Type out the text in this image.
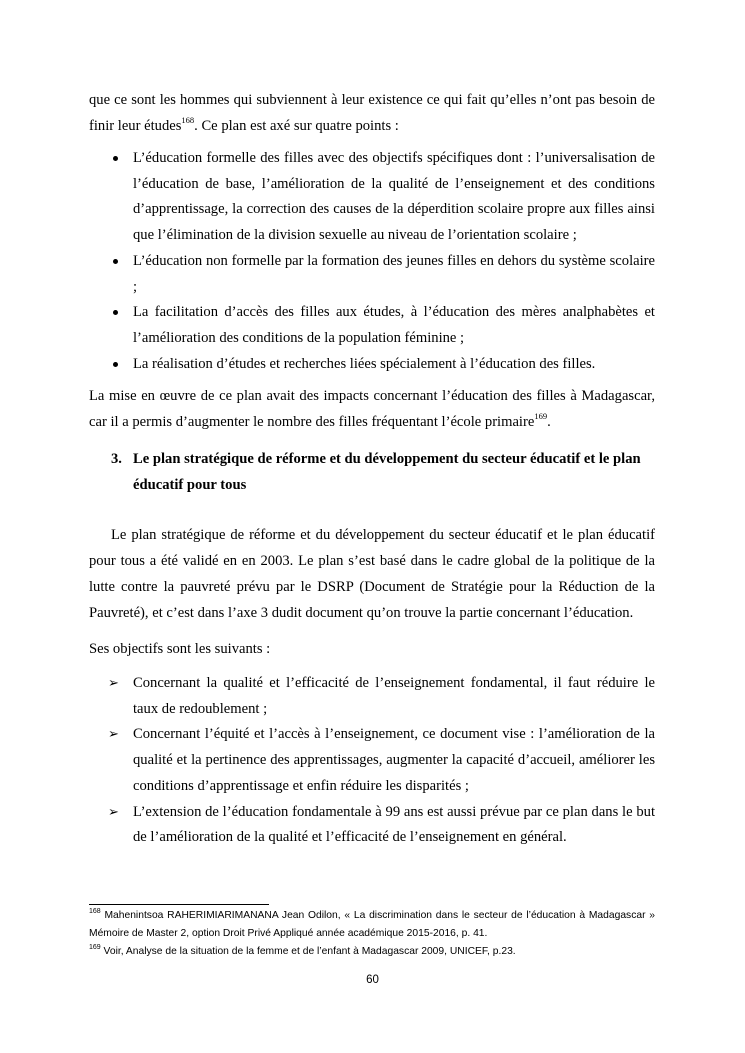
que ce sont les hommes qui subviennent à leur existence ce qui fait qu’elles n’ont pas besoin de finir leur études$^{168}$. Ce plan est axé sur quatre points :

L’éducation formelle des filles avec des objectifs spécifiques dont : l’universalisation de l’éducation de base, l’amélioration de la qualité de l’enseignement et des conditions d’apprentissage, la correction des causes de la déperdition scolaire propre aux filles ainsi que l’élimination de la division sexuelle au niveau de l’orientation scolaire ;
L’éducation non formelle par la formation des jeunes filles en dehors du système scolaire ;
La facilitation d’accès des filles aux études, à l’éducation des mères analphabètes et l’amélioration des conditions de la population féminine ;
La réalisation d’études et recherches liées spécialement à l’éducation des filles.

La mise en œuvre de ce plan avait des impacts concernant l’éducation des filles à Madagascar, car il a permis d’augmenter le nombre des filles fréquentant l’école primaire$^{169}$.

3. Le plan stratégique de réforme et du développement du secteur éducatif et le plan éducatif pour tous

Le plan stratégique de réforme et du développement du secteur éducatif et le plan éducatif pour tous a été validé en en 2003. Le plan s’est basé dans le cadre global de la politique de la lutte contre la pauvreté prévu par le DSRP (Document de Stratégie pour la Réduction de la Pauvreté), et c’est dans l’axe 3 dudit document qu’on trouve la partie concernant l’éducation.

Ses objectifs sont les suivants :

➢ Concernant la qualité et l’efficacité de l’enseignement fondamental, il faut réduire le taux de redoublement ;
➢ Concernant l’équité et l’accès à l’enseignement, ce document vise : l’amélioration de la qualité et la pertinence des apprentissages, augmenter la capacité d’accueil, améliorer les conditions d’apprentissage et enfin réduire les disparités ;
➢ L’extension de l’éducation fondamentale à 99 ans est aussi prévue par ce plan dans le but de l’amélioration de la qualité et l’efficacité de l’enseignement en général.

$^{168}$ Mahenintsoa RAHERIMIARIMANANA Jean Odilon, « La discrimination dans le secteur de l’éducation à Madagascar » Mémoire de Master 2, option Droit Privé Appliqué année académique 2015-2016, p. 41.

$^{169}$ Voir, Analyse de la situation de la femme et de l’enfant à Madagascar 2009, UNICEF, p.23.

60
